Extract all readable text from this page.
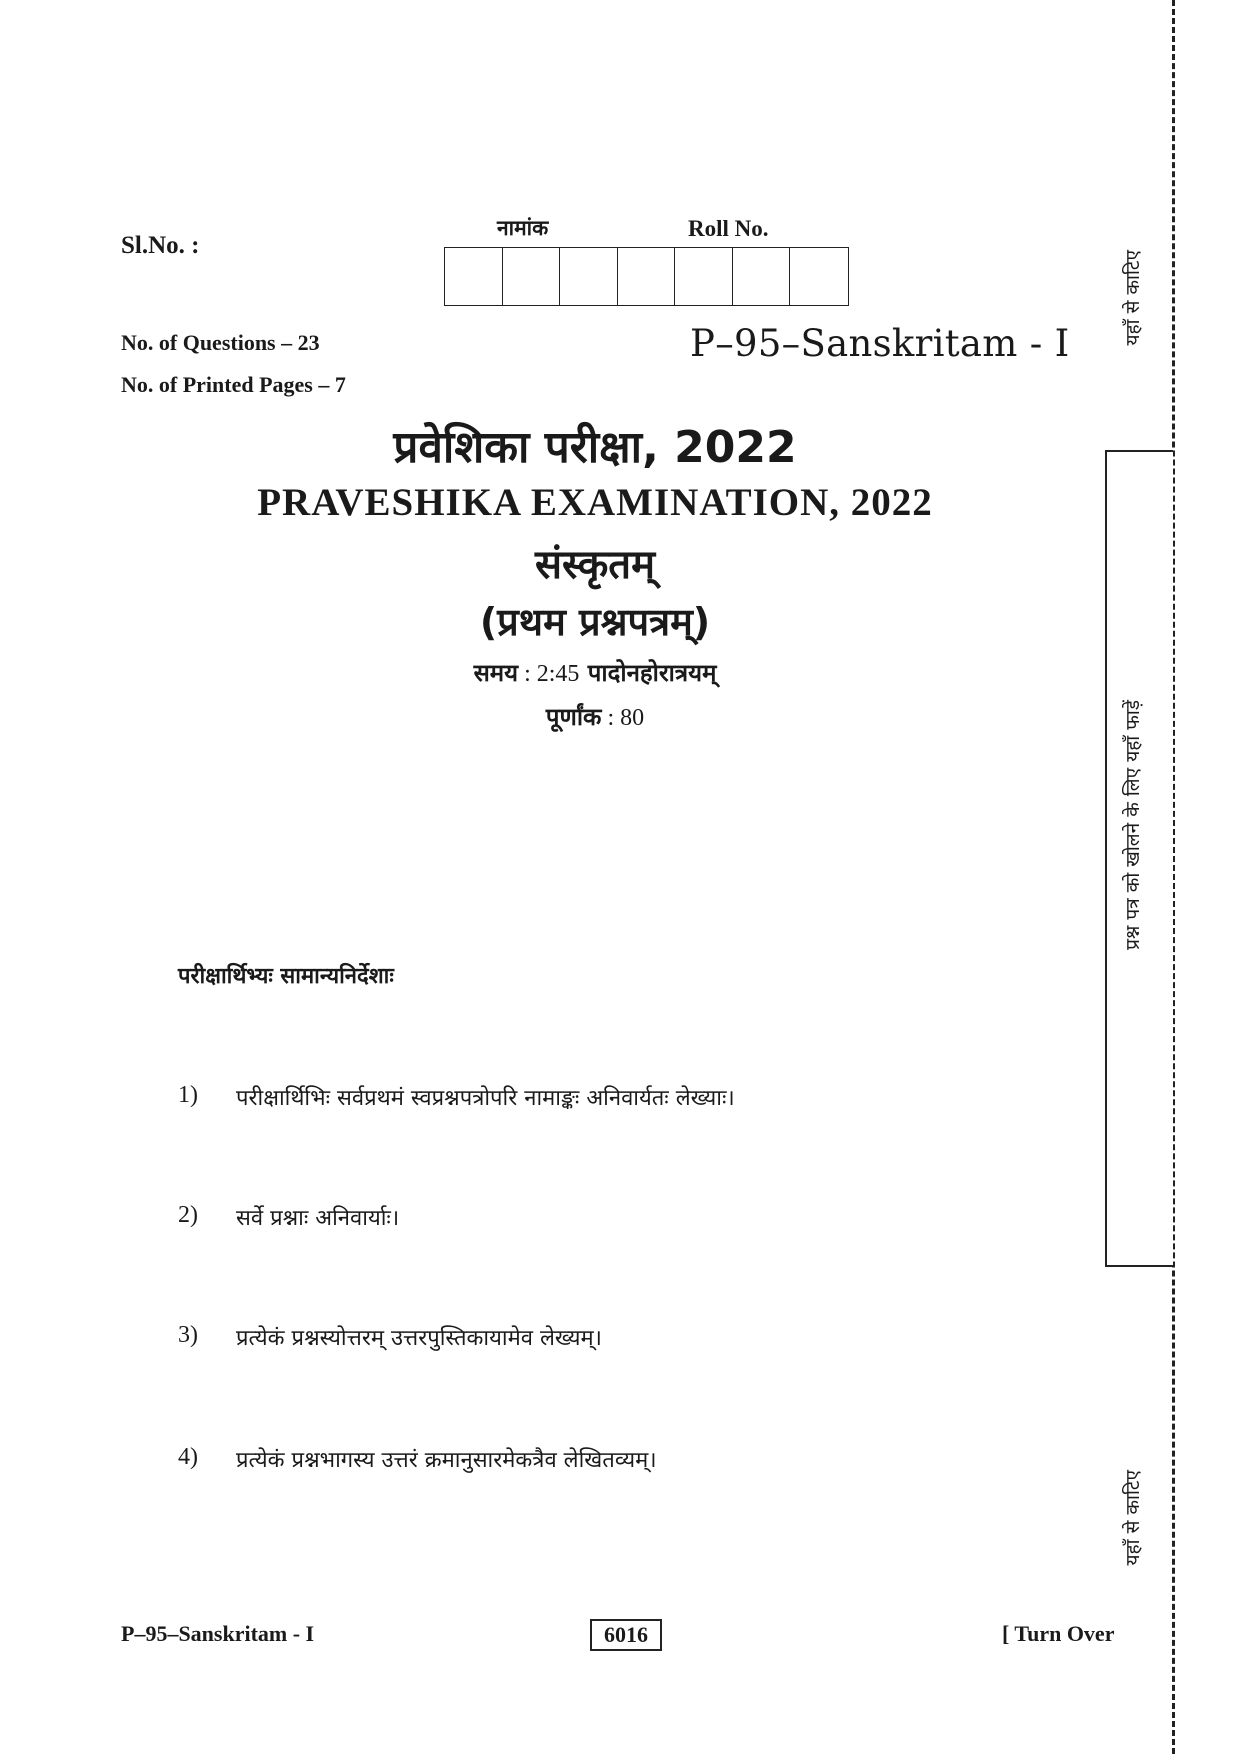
यहाँ से काटिए
प्रश्न पत्र को खोलने के लिए यहाँ फाड़ें
यहाँ से काटिए
Sl.No. :
नामांक	Roll No.
No. of Questions – 23
No. of Printed Pages – 7
P–95–Sanskritam - I
प्रवेशिका परीक्षा, 2022
PRAVESHIKA EXAMINATION, 2022
संस्कृतम्
(प्रथम प्रश्नपत्रम्)
समय : 2:45 पादोनहोरात्रयम्
पूर्णांक : 80
परीक्षार्थिभ्यः सामान्यनिर्देशाः
1)	परीक्षार्थिभिः सर्वप्रथमं स्वप्रश्नपत्रोपरि नामाङ्कः अनिवार्यतः लेख्याः।
2)	सर्वे प्रश्नाः अनिवार्याः।
3)	प्रत्येकं प्रश्नस्योत्तरम् उत्तरपुस्तिकायामेव लेख्यम्।
4)	प्रत्येकं प्रश्नभागस्य उत्तरं क्रमानुसारमेकत्रैव लेखितव्यम्।
P–95–Sanskritam - I	6016	[ Turn Over
